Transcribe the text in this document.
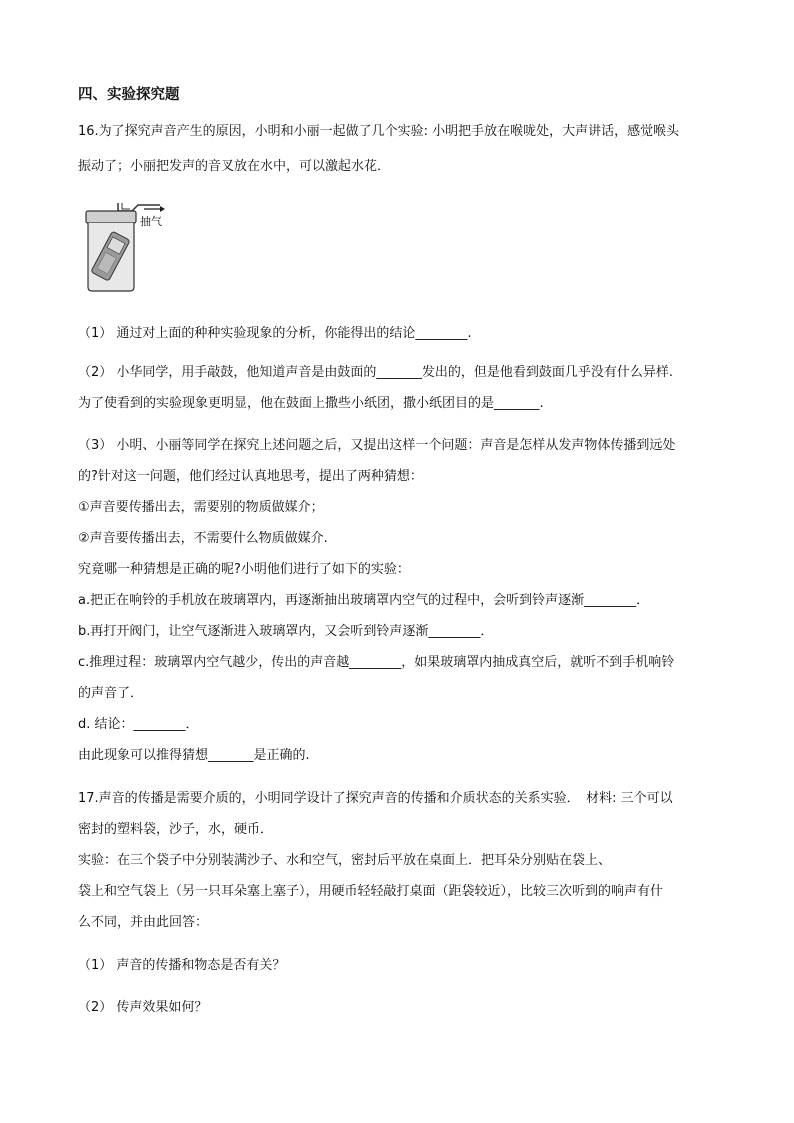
四、实验探究题
16.为了探究声音产生的原因，小明和小丽一起做了几个实验: 小明把手放在喉咙处，大声讲话，感觉喉头
振动了；小丽把发声的音叉放在水中，可以激起水花．
抽气
（1） 通过对上面的种种实验现象的分析，你能得出的结论________.
（2） 小华同学，用手敲鼓，他知道声音是由鼓面的_______发出的，但是他看到鼓面几乎没有什么异样.
为了使看到的实验现象更明显，他在鼓面上撒些小纸团，撒小纸团目的是_______.
（3） 小明、小丽等同学在探究上述问题之后，又提出这样一个问题：声音是怎样从发声物体传播到远处
的?针对这一问题，他们经过认真地思考，提出了两种猜想：
①声音要传播出去，需要别的物质做媒介；
②声音要传播出去，不需要什么物质做媒介.
究竟哪一种猜想是正确的呢?小明他们进行了如下的实验：
a.把正在响铃的手机放在玻璃罩内，再逐渐抽出玻璃罩内空气的过程中，会听到铃声逐渐________．
b.再打开阀门，让空气逐渐进入玻璃罩内，又会听到铃声逐渐________．
c.推理过程：玻璃罩内空气越少，传出的声音越________，如果玻璃罩内抽成真空后，就听不到手机响铃
的声音了．
d. 结论：________．
由此现象可以推得猜想_______是正确的.
17.声音的传播是需要介质的，小明同学设计了探究声音的传播和介质状态的关系实验．　材料: 三个可以
密封的塑料袋，沙子，水，硬币．
实验：在三个袋子中分别装满沙子、水和空气，密封后平放在桌面上．把耳朵分别贴在袋上、
袋上和空气袋上（另一只耳朵塞上塞子），用硬币轻轻敲打桌面（距袋较近），比较三次听到的响声有什
么不同，并由此回答：
（1） 声音的传播和物态是否有关？
（2） 传声效果如何？
